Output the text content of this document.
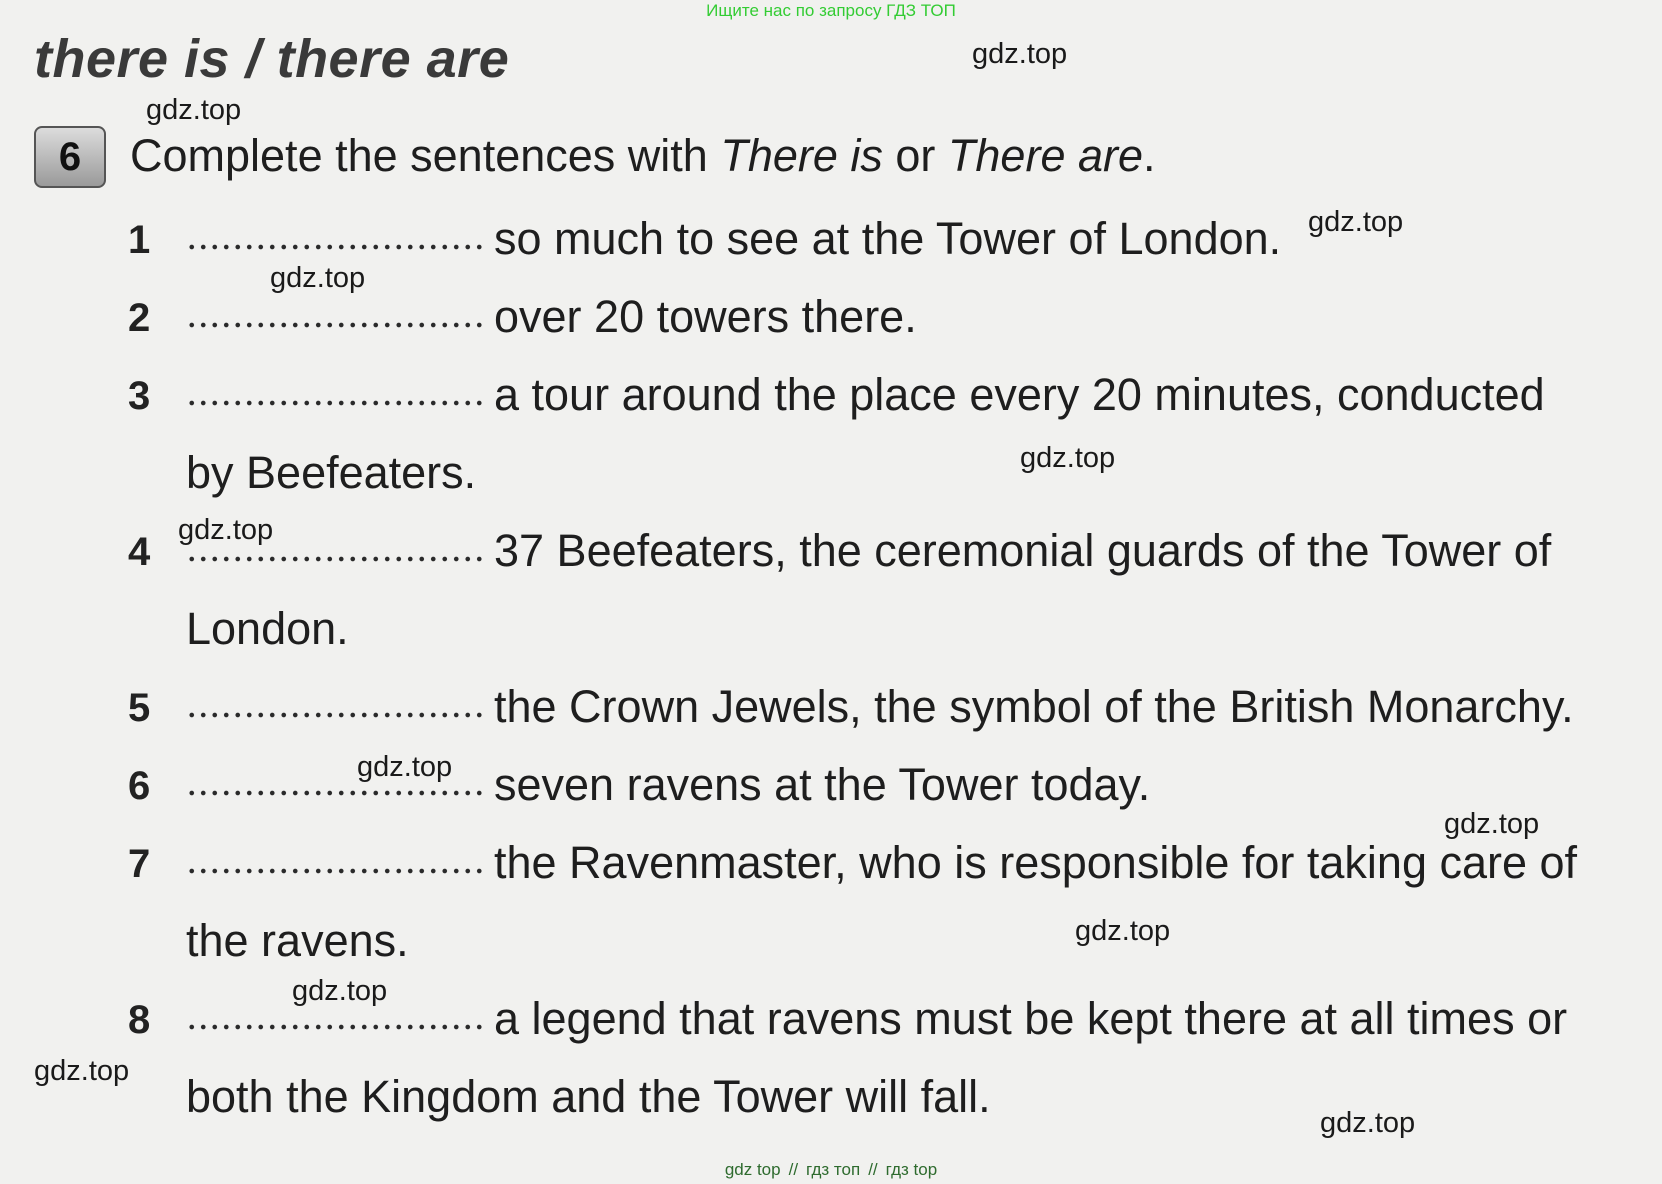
Ищите нас по запросу ГДЗ ТОП
there is / there are
6	Complete the sentences with There is or There are.
1	so much to see at the Tower of London.
2	over 20 towers there.
3	a tour around the place every 20 minutes, conducted
by Beefeaters.
4	37 Beefeaters, the ceremonial guards of the Tower of
London.
5	the Crown Jewels, the symbol of the British Monarchy.
6	seven ravens at the Tower today.
7	the Ravenmaster, who is responsible for taking care of
the ravens.
8	a legend that ravens must be kept there at all times or
both the Kingdom and the Tower will fall.
gdz.top
gdz.top
gdz.top
gdz.top
gdz.top
gdz.top
gdz.top
gdz.top
gdz.top
gdz.top
gdz.top
gdz.top
gdz top // гдз топ // гдз top
